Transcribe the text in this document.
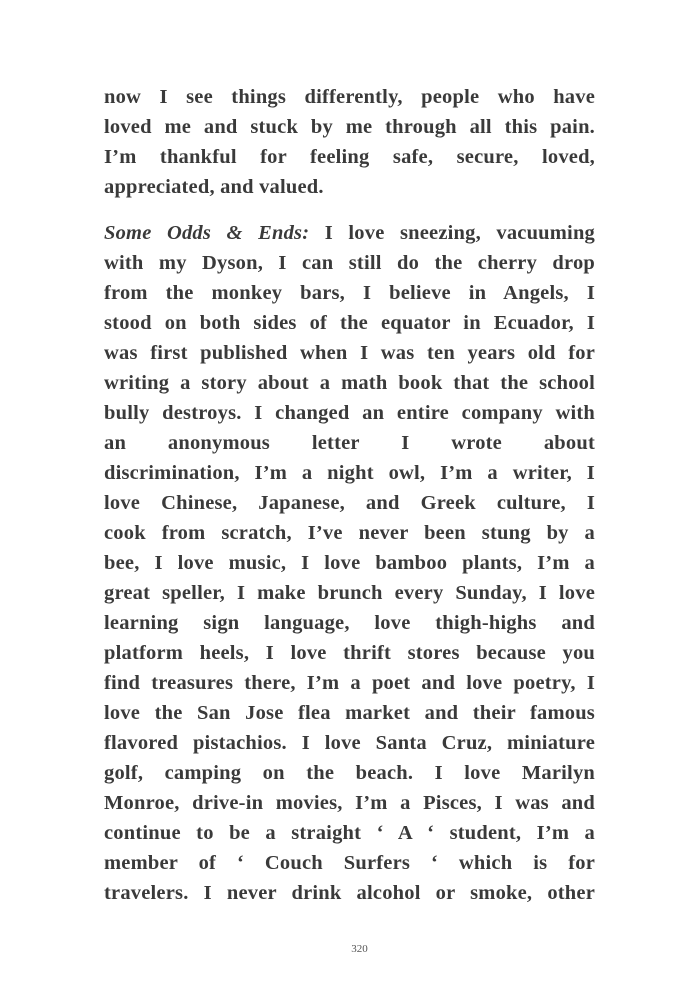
now I see things differently, people who have
loved me and stuck by me through all this pain.
I’m thankful for feeling safe, secure, loved,
appreciated, and valued.

Some Odds & Ends: I love sneezing, vacuuming
with my Dyson, I can still do the cherry drop
from the monkey bars, I believe in Angels, I
stood on both sides of the equator in Ecuador, I
was first published when I was ten years old for
writing a story about a math book that the school
bully destroys. I changed an entire company with
an anonymous letter I wrote about
discrimination, I’m a night owl, I’m a writer, I
love Chinese, Japanese, and Greek culture, I
cook from scratch, I’ve never been stung by a
bee, I love music, I love bamboo plants, I’m a
great speller, I make brunch every Sunday, I love
learning sign language, love thigh-highs and
platform heels, I love thrift stores because you
find treasures there, I’m a poet and love poetry, I
love the San Jose flea market and their famous
flavored pistachios. I love Santa Cruz, miniature
golf, camping on the beach. I love Marilyn
Monroe, drive-in movies, I’m a Pisces, I was and
continue to be a straight ‘ A ‘ student, I’m a
member of ‘ Couch Surfers ‘ which is for
travelers. I never drink alcohol or smoke, other

320
